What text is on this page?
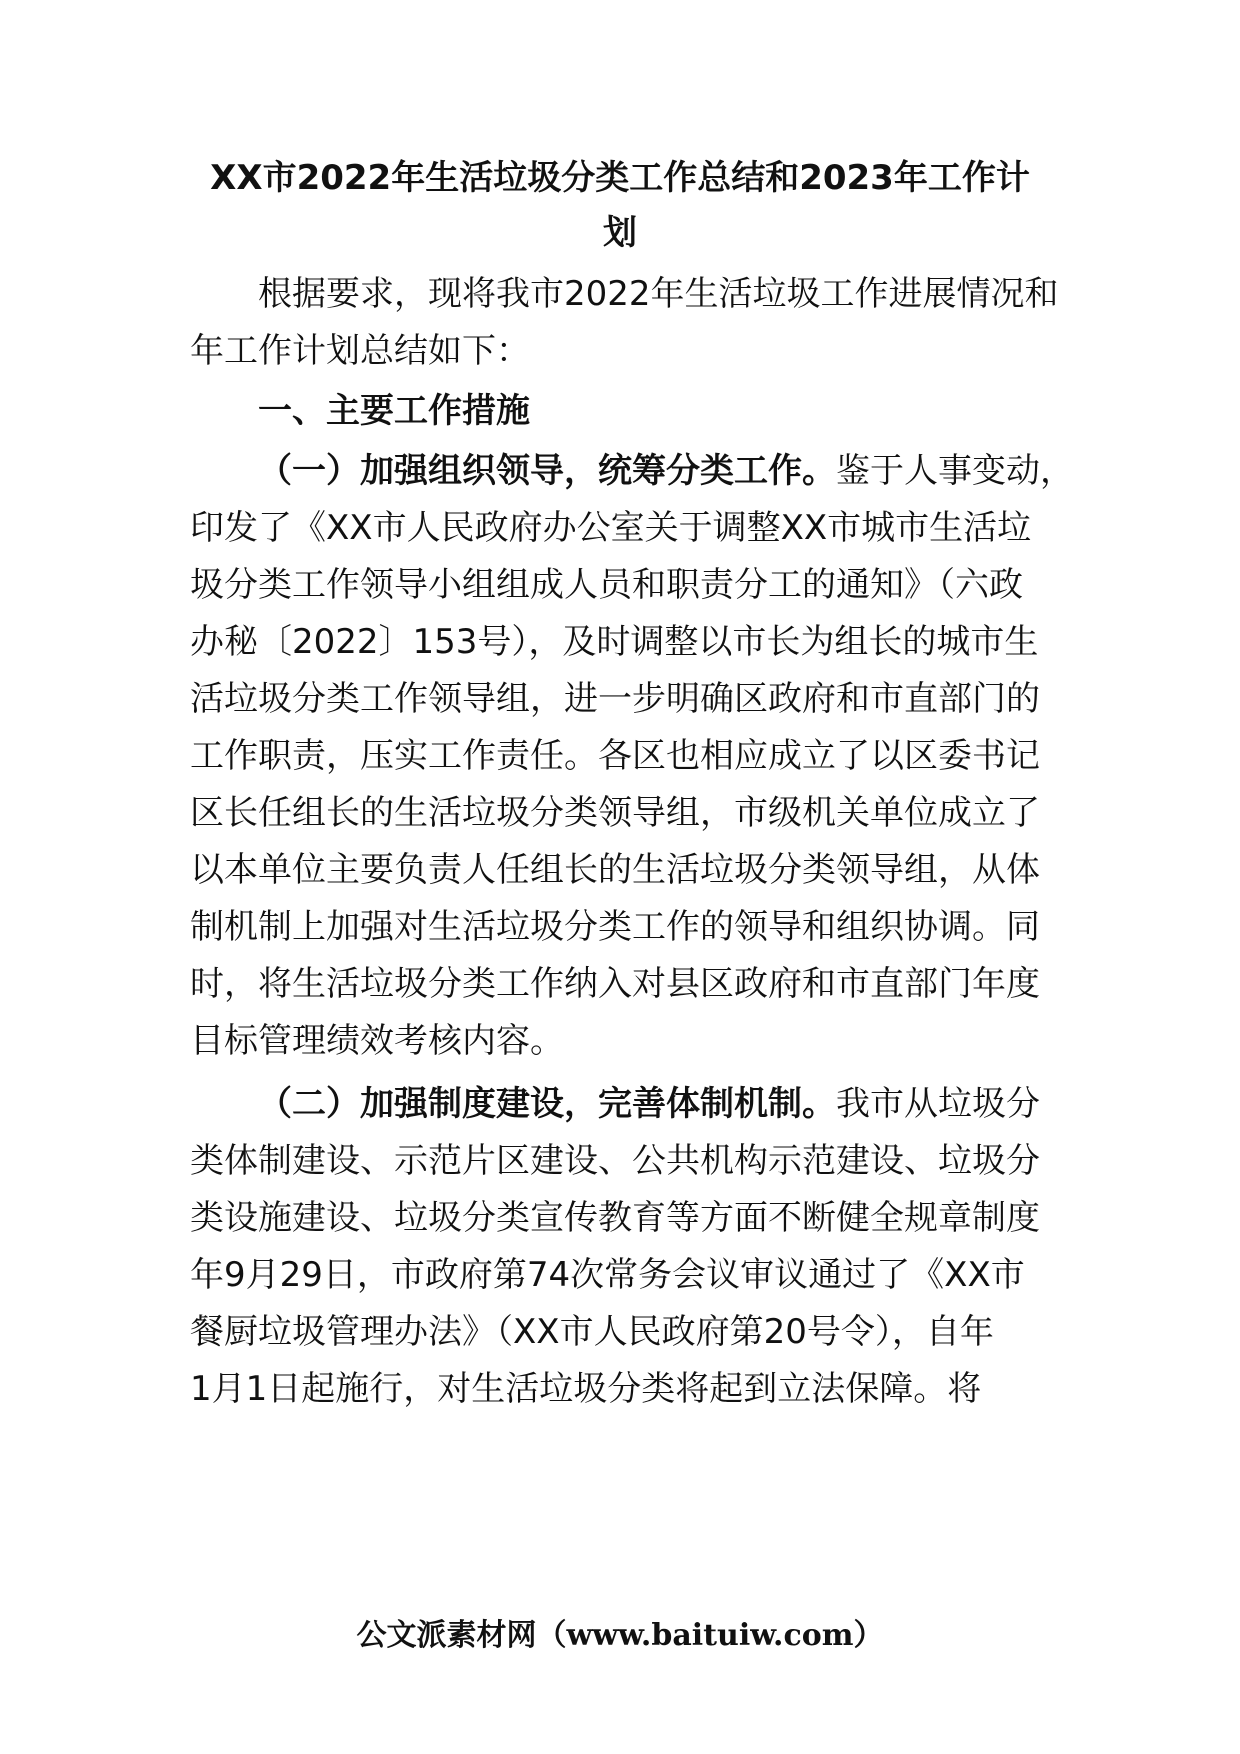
XX市2022年生活垃圾分类工作总结和2023年工作计
划
根据要求，现将我市2022年生活垃圾工作进展情况和
年工作计划总结如下：
一、主要工作措施
（一）加强组织领导，统筹分类工作。鉴于人事变动，
印发了《XX市人民政府办公室关于调整XX市城市生活垃
圾分类工作领导小组组成人员和职责分工的通知》（六政
办秘〔2022〕153号），及时调整以市长为组长的城市生
活垃圾分类工作领导组，进一步明确区政府和市直部门的
工作职责，压实工作责任。各区也相应成立了以区委书记
区长任组长的生活垃圾分类领导组，市级机关单位成立了
以本单位主要负责人任组长的生活垃圾分类领导组，从体
制机制上加强对生活垃圾分类工作的领导和组织协调。同
时，将生活垃圾分类工作纳入对县区政府和市直部门年度
目标管理绩效考核内容。
（二）加强制度建设，完善体制机制。我市从垃圾分
类体制建设、示范片区建设、公共机构示范建设、垃圾分
类设施建设、垃圾分类宣传教育等方面不断健全规章制度
年9月29日，市政府第74次常务会议审议通过了《XX市
餐厨垃圾管理办法》（XX市人民政府第20号令），自年
1月1日起施行，对生活垃圾分类将起到立法保障。将
公文派素材网（www.baituiw.com）
